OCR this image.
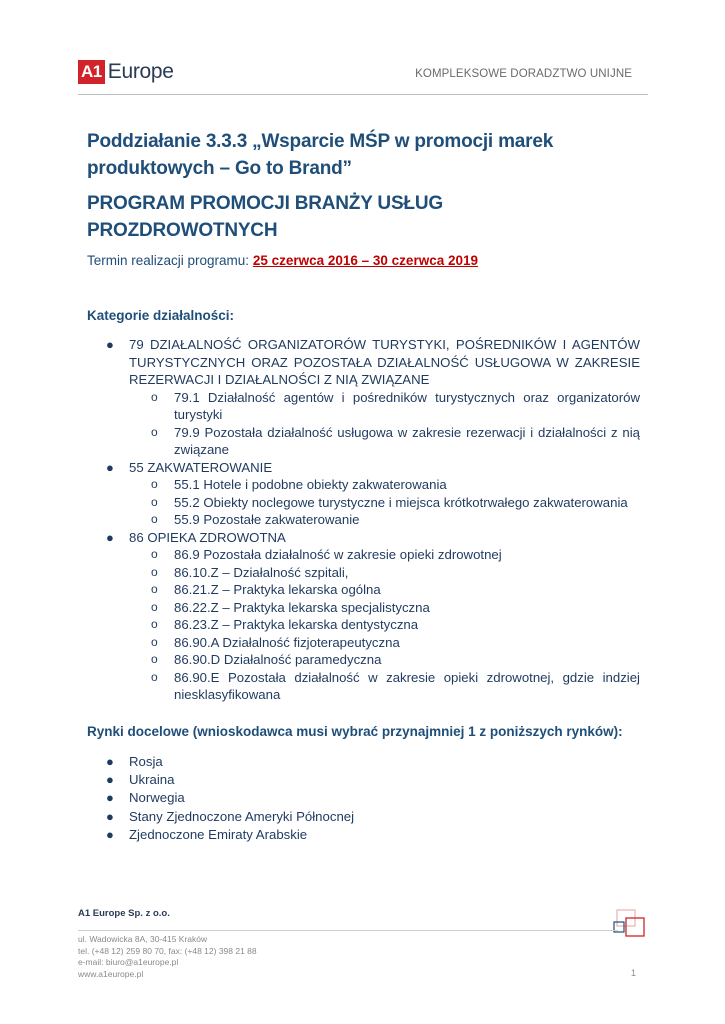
A1 Europe	KOMPLEKSOWE DORADZTWO UNIJNE
Poddziałanie 3.3.3 „Wsparcie MŚP w promocji marek
produktowych – Go to Brand”
PROGRAM PROMOCJI BRANŻY USŁUG
PROZDROWOTNYCH
Termin realizacji programu: 25 czerwca 2016 – 30 czerwca 2019
Kategorie działalności:
● 79 DZIAŁALNOŚĆ ORGANIZATORÓW TURYSTYKI, POŚREDNIKÓW I AGENTÓW TURYSTYCZNYCH ORAZ POZOSTAŁA DZIAŁALNOŚĆ USŁUGOWA W ZAKRESIE REZERWACJI I DZIAŁALNOŚCI Z NIĄ ZWIĄZANE
o 79.1 Działalność agentów i pośredników turystycznych oraz organizatorów turystyki
o 79.9 Pozostała działalność usługowa w zakresie rezerwacji i działalności z nią związane
● 55 ZAKWATEROWANIE
o 55.1 Hotele i podobne obiekty zakwaterowania
o 55.2 Obiekty noclegowe turystyczne i miejsca krótkotrwałego zakwaterowania
o 55.9 Pozostałe zakwaterowanie
● 86 OPIEKA ZDROWOTNA
o 86.9 Pozostała działalność w zakresie opieki zdrowotnej
o 86.10.Z – Działalność szpitali,
o 86.21.Z – Praktyka lekarska ogólna
o 86.22.Z – Praktyka lekarska specjalistyczna
o 86.23.Z – Praktyka lekarska dentystyczna
o 86.90.A Działalność fizjoterapeutyczna
o 86.90.D Działalność paramedyczna
o 86.90.E Pozostała działalność w zakresie opieki zdrowotnej, gdzie indziej niesklasyfikowana
Rynki docelowe (wnioskodawca musi wybrać przynajmniej 1 z poniższych rynków):
● Rosja
● Ukraina
● Norwegia
● Stany Zjednoczone Ameryki Północnej
● Zjednoczone Emiraty Arabskie
A1 Europe Sp. z o.o.
ul. Wadowicka 8A, 30-415 Kraków
tel. (+48 12) 259 80 70, fax: (+48 12) 398 21 88
e-mail: biuro@a1europe.pl
www.a1europe.pl	1
